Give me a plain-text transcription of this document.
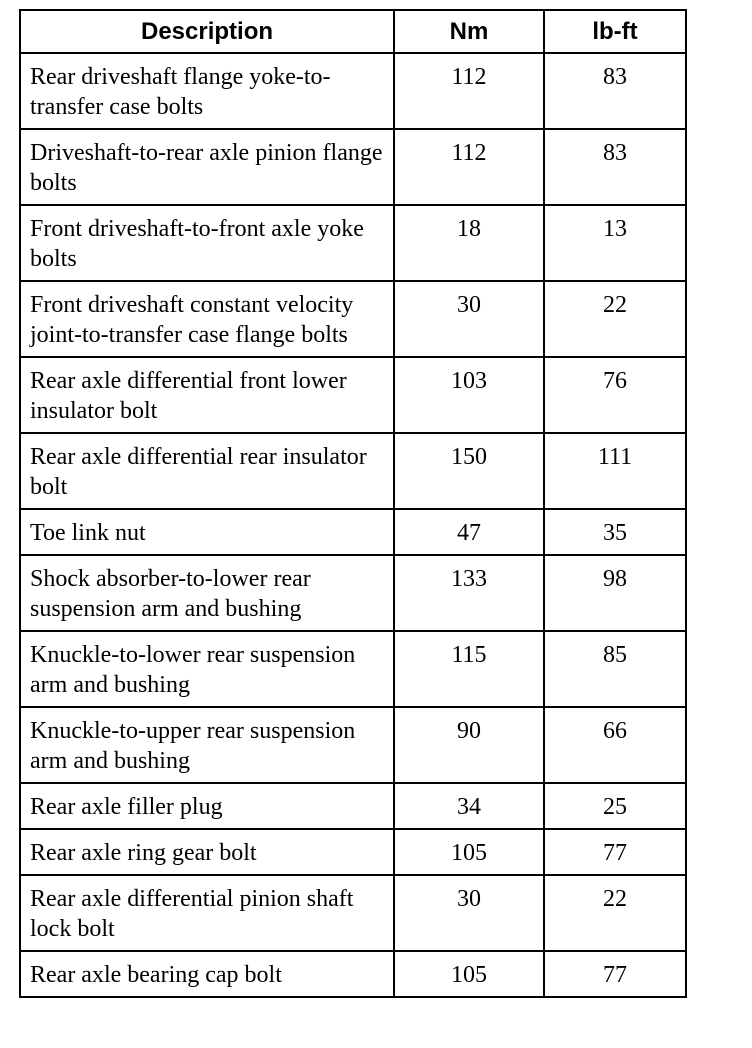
Description	Nm	lb-ft
Rear driveshaft flange yoke-to-transfer case bolts	112	83
Driveshaft-to-rear axle pinion flange bolts	112	83
Front driveshaft-to-front axle yoke bolts	18	13
Front driveshaft constant velocity joint-to-transfer case flange bolts	30	22
Rear axle differential front lower insulator bolt	103	76
Rear axle differential rear insulator bolt	150	111
Toe link nut	47	35
Shock absorber-to-lower rear suspension arm and bushing	133	98
Knuckle-to-lower rear suspension arm and bushing	115	85
Knuckle-to-upper rear suspension arm and bushing	90	66
Rear axle filler plug	34	25
Rear axle ring gear bolt	105	77
Rear axle differential pinion shaft lock bolt	30	22
Rear axle bearing cap bolt	105	77
